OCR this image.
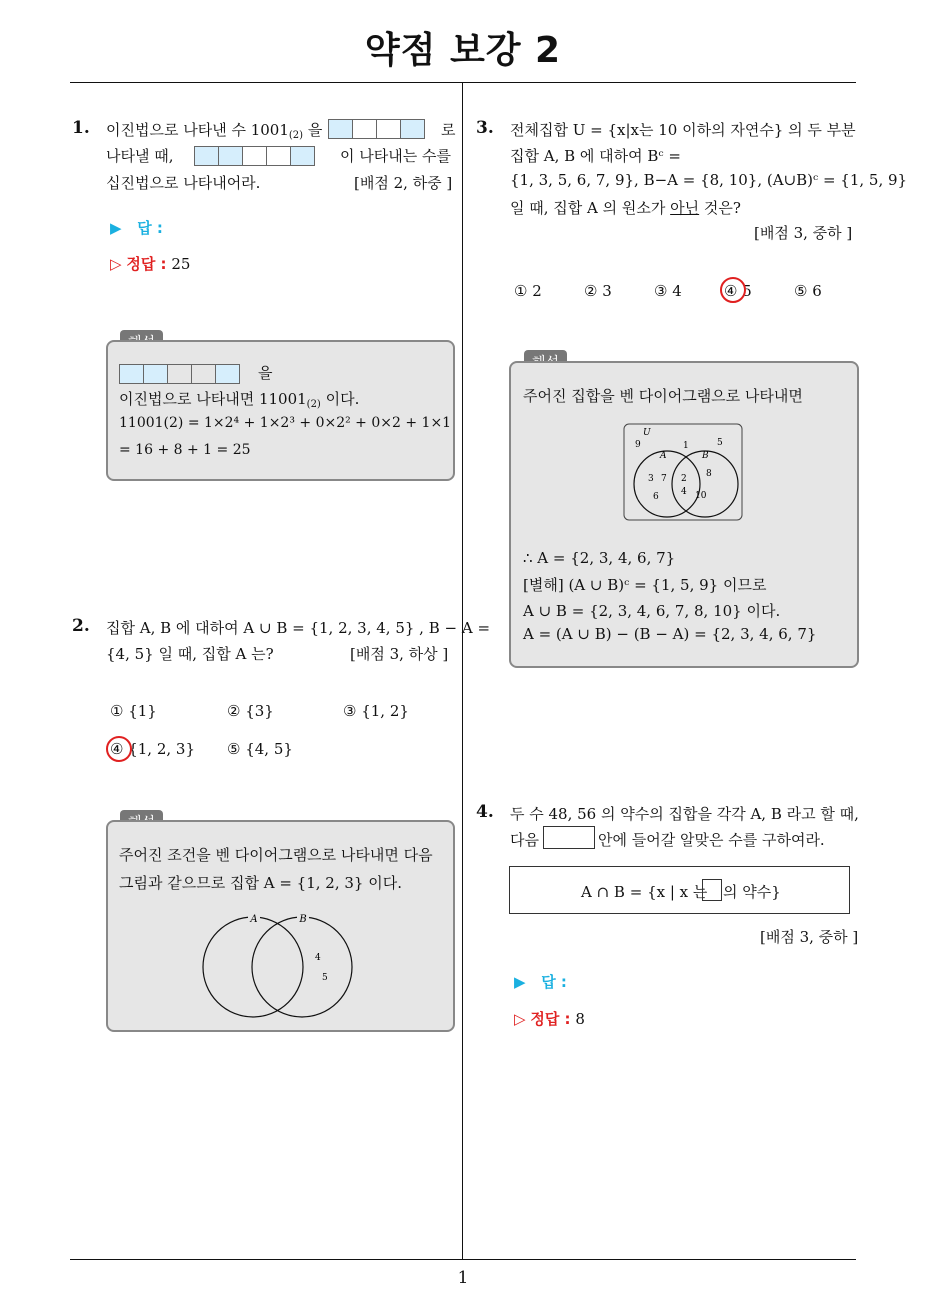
약점 보강 2
1
1. 이진법으로 나타낸 수 $1001_{(2)}$ 을	로
나타낼 때,	이 나타내는 수를
십진법으로 나타내어라.	[배점 2, 하중 ]
▶ 답 :
▷ 정답 : 25
을
이진법으로 나타내면 $11001_{(2)}$ 이다.
11001(2) = 1×2⁴ + 1×2³ + 0×2² + 0×2 + 1×1
= 16 + 8 + 1 = 25
2. 집합 A, B 에 대하여 A ∪ B = {1, 2, 3, 4, 5} , B − A =
{4, 5} 일 때, 집합 A 는?	[배점 3, 하상 ]
① {1}	② {3}	③ {1, 2}
④ {1, 2, 3} ⑤ {4, 5}
주어진 조건을 벤 다이어그램으로 나타내면 다음
그림과 같으므로 집합 A = {1, 2, 3} 이다.
A	B
4
5
3. 전체집합 U = {x|x는 10 이하의 자연수} 의 두 부분
집합 A, B 에 대하여 Bᶜ =
{1, 3, 5, 6, 7, 9}, B−A = {8, 10}, (A∪B)ᶜ = {1, 5, 9}
일 때, 집합 A 의 원소가 아닌 것은?
[배점 3, 중하 ]
① 2	② 3	③ 4	④ 5	⑤ 6
주어진 집합을 벤 다이어그램으로 나타내면
U
9	1	5
A	B
3 7 2
4
8
6	10
∴ A = {2, 3, 4, 6, 7}
[별해] (A ∪ B)ᶜ = {1, 5, 9} 이므로
A ∪ B = {2, 3, 4, 6, 7, 8, 10} 이다.
A = (A ∪ B) − (B − A) = {2, 3, 4, 6, 7}
4. 두 수 48, 56 의 약수의 집합을 각각 A, B 라고 할 때,
다음	안에 들어갈 알맞은 수를 구하여라.
A ∩ B = {x | x 는 의 약수}
[배점 3, 중하 ]
▶ 답 :
▷ 정답 : 8
